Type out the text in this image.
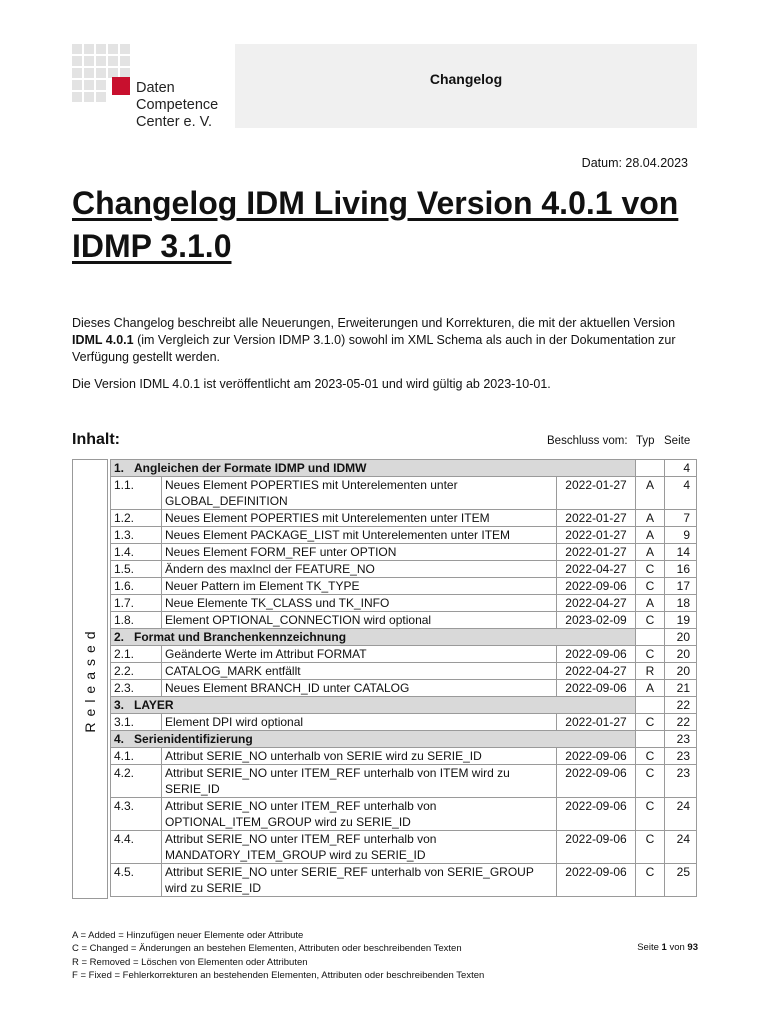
Daten
Competence
Center e. V.
Changelog
Datum: 28.04.2023
Changelog IDM Living Version 4.0.1 von IDMP 3.1.0
Dieses Changelog beschreibt alle Neuerungen, Erweiterungen und Korrekturen, die mit der aktuellen Version IDML 4.0.1 (im Vergleich zur Version IDMP 3.1.0) sowohl im XML Schema als auch in der Dokumentation zur Verfügung gestellt werden.
Die Version IDML 4.0.1 ist veröffentlicht am 2023-05-01 und wird gültig ab 2023-10-01.
Inhalt:	Beschluss vom: Typ Seite
Released
1.   Angleichen der Formate IDMP und IDMW				4
1.1.	Neues Element POPERTIES mit Unterelementen unter GLOBAL_DEFINITION	2022-01-27	A	4
1.2.	Neues Element POPERTIES mit Unterelementen unter ITEM	2022-01-27	A	7
1.3.	Neues Element PACKAGE_LIST mit Unterelementen unter ITEM	2022-01-27	A	9
1.4.	Neues Element FORM_REF unter OPTION	2022-01-27	A	14
1.5.	Ändern des maxIncl der FEATURE_NO	2022-04-27	C	16
1.6.	Neuer Pattern im Element TK_TYPE	2022-09-06	C	17
1.7.	Neue Elemente TK_CLASS und TK_INFO	2022-04-27	A	18
1.8.	Element OPTIONAL_CONNECTION wird optional	2023-02-09	C	19
2.   Format und Branchenkennzeichnung				20
2.1.	Geänderte Werte im Attribut FORMAT	2022-09-06	C	20
2.2.	CATALOG_MARK entfällt	2022-04-27	R	20
2.3.	Neues Element BRANCH_ID unter CATALOG	2022-09-06	A	21
3.   LAYER				22
3.1.	Element DPI wird optional	2022-01-27	C	22
4.   Serienidentifizierung				23
4.1.	Attribut SERIE_NO unterhalb von SERIE wird zu SERIE_ID	2022-09-06	C	23
4.2.	Attribut SERIE_NO unter ITEM_REF unterhalb von ITEM wird zu SERIE_ID	2022-09-06	C	23
4.3.	Attribut SERIE_NO unter ITEM_REF unterhalb von OPTIONAL_ITEM_GROUP wird zu SERIE_ID	2022-09-06	C	24
4.4.	Attribut SERIE_NO unter ITEM_REF unterhalb von MANDATORY_ITEM_GROUP wird zu SERIE_ID	2022-09-06	C	24
4.5.	Attribut SERIE_NO unter SERIE_REF unterhalb von SERIE_GROUP wird zu SERIE_ID	2022-09-06	C	25
A = Added = Hinzufügen neuer Elemente oder Attribute
C = Changed = Änderungen an bestehen Elementen, Attributen oder beschreibenden Texten
R = Removed = Löschen von Elementen oder Attributen
F = Fixed = Fehlerkorrekturen an bestehenden Elementen, Attributen oder beschreibenden Texten
Seite 1 von 93
